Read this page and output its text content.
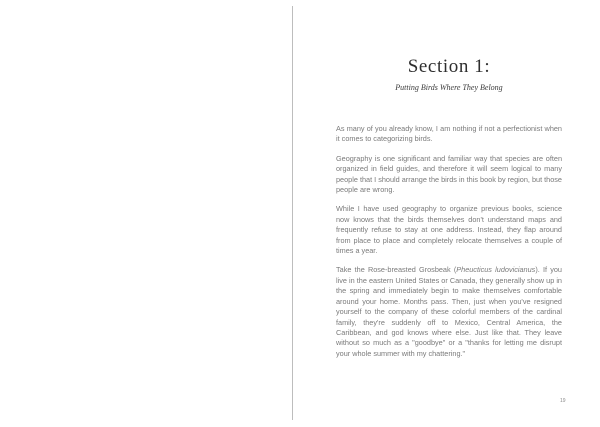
Section 1:

Putting Birds Where They Belong

As many of you already know, I am nothing if not a perfectionist when it comes to categorizing birds.

Geography is one significant and familiar way that species are often organized in field guides, and therefore it will seem logical to many people that I should arrange the birds in this book by region, but those people are wrong.

While I have used geography to organize previous books, science now knows that the birds themselves don't understand maps and frequently refuse to stay at one address. Instead, they flap around from place to place and completely relocate themselves a couple of times a year.

Take the Rose-breasted Grosbeak (Pheucticus ludovicianus). If you live in the eastern United States or Canada, they generally show up in the spring and immediately begin to make themselves comfortable around your home. Months pass. Then, just when you've resigned yourself to the company of these colorful members of the cardinal family, they're suddenly off to Mexico, Central America, the Caribbean, and god knows where else. Just like that. They leave without so much as a "goodbye" or a "thanks for letting me disrupt your whole summer with my chattering."

19
